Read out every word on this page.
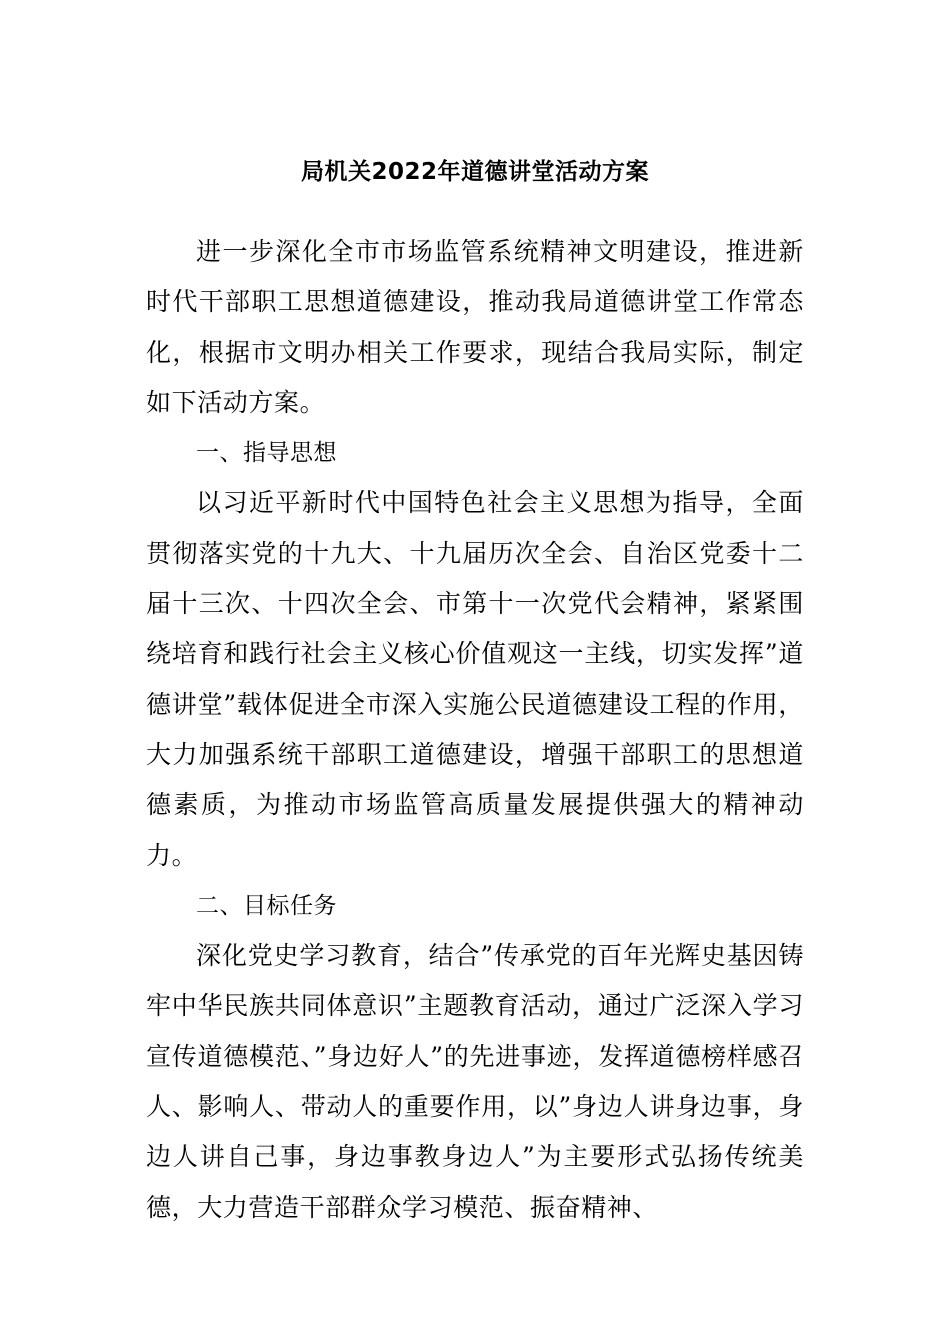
局机关2022年道德讲堂活动方案

进一步深化全市市场监管系统精神文明建设，推进新时代干部职工思想道德建设，推动我局道德讲堂工作常态化，根据市文明办相关工作要求，现结合我局实际，制定如下活动方案。

一、指导思想

以习近平新时代中国特色社会主义思想为指导，全面贯彻落实党的十九大、十九届历次全会、自治区党委十二届十三次、十四次全会、市第十一次党代会精神，紧紧围绕培育和践行社会主义核心价值观这一主线，切实发挥”道德讲堂”载体促进全市深入实施公民道德建设工程的作用，大力加强系统干部职工道德建设，增强干部职工的思想道德素质，为推动市场监管高质量发展提供强大的精神动力。

二、目标任务

深化党史学习教育，结合”传承党的百年光辉史基因铸牢中华民族共同体意识”主题教育活动，通过广泛深入学习宣传道德模范、”身边好人”的先进事迹，发挥道德榜样感召人、影响人、带动人的重要作用，以”身边人讲身边事，身边人讲自己事，身边事教身边人”为主要形式弘扬传统美德，大力营造干部群众学习模范、振奋精神、
